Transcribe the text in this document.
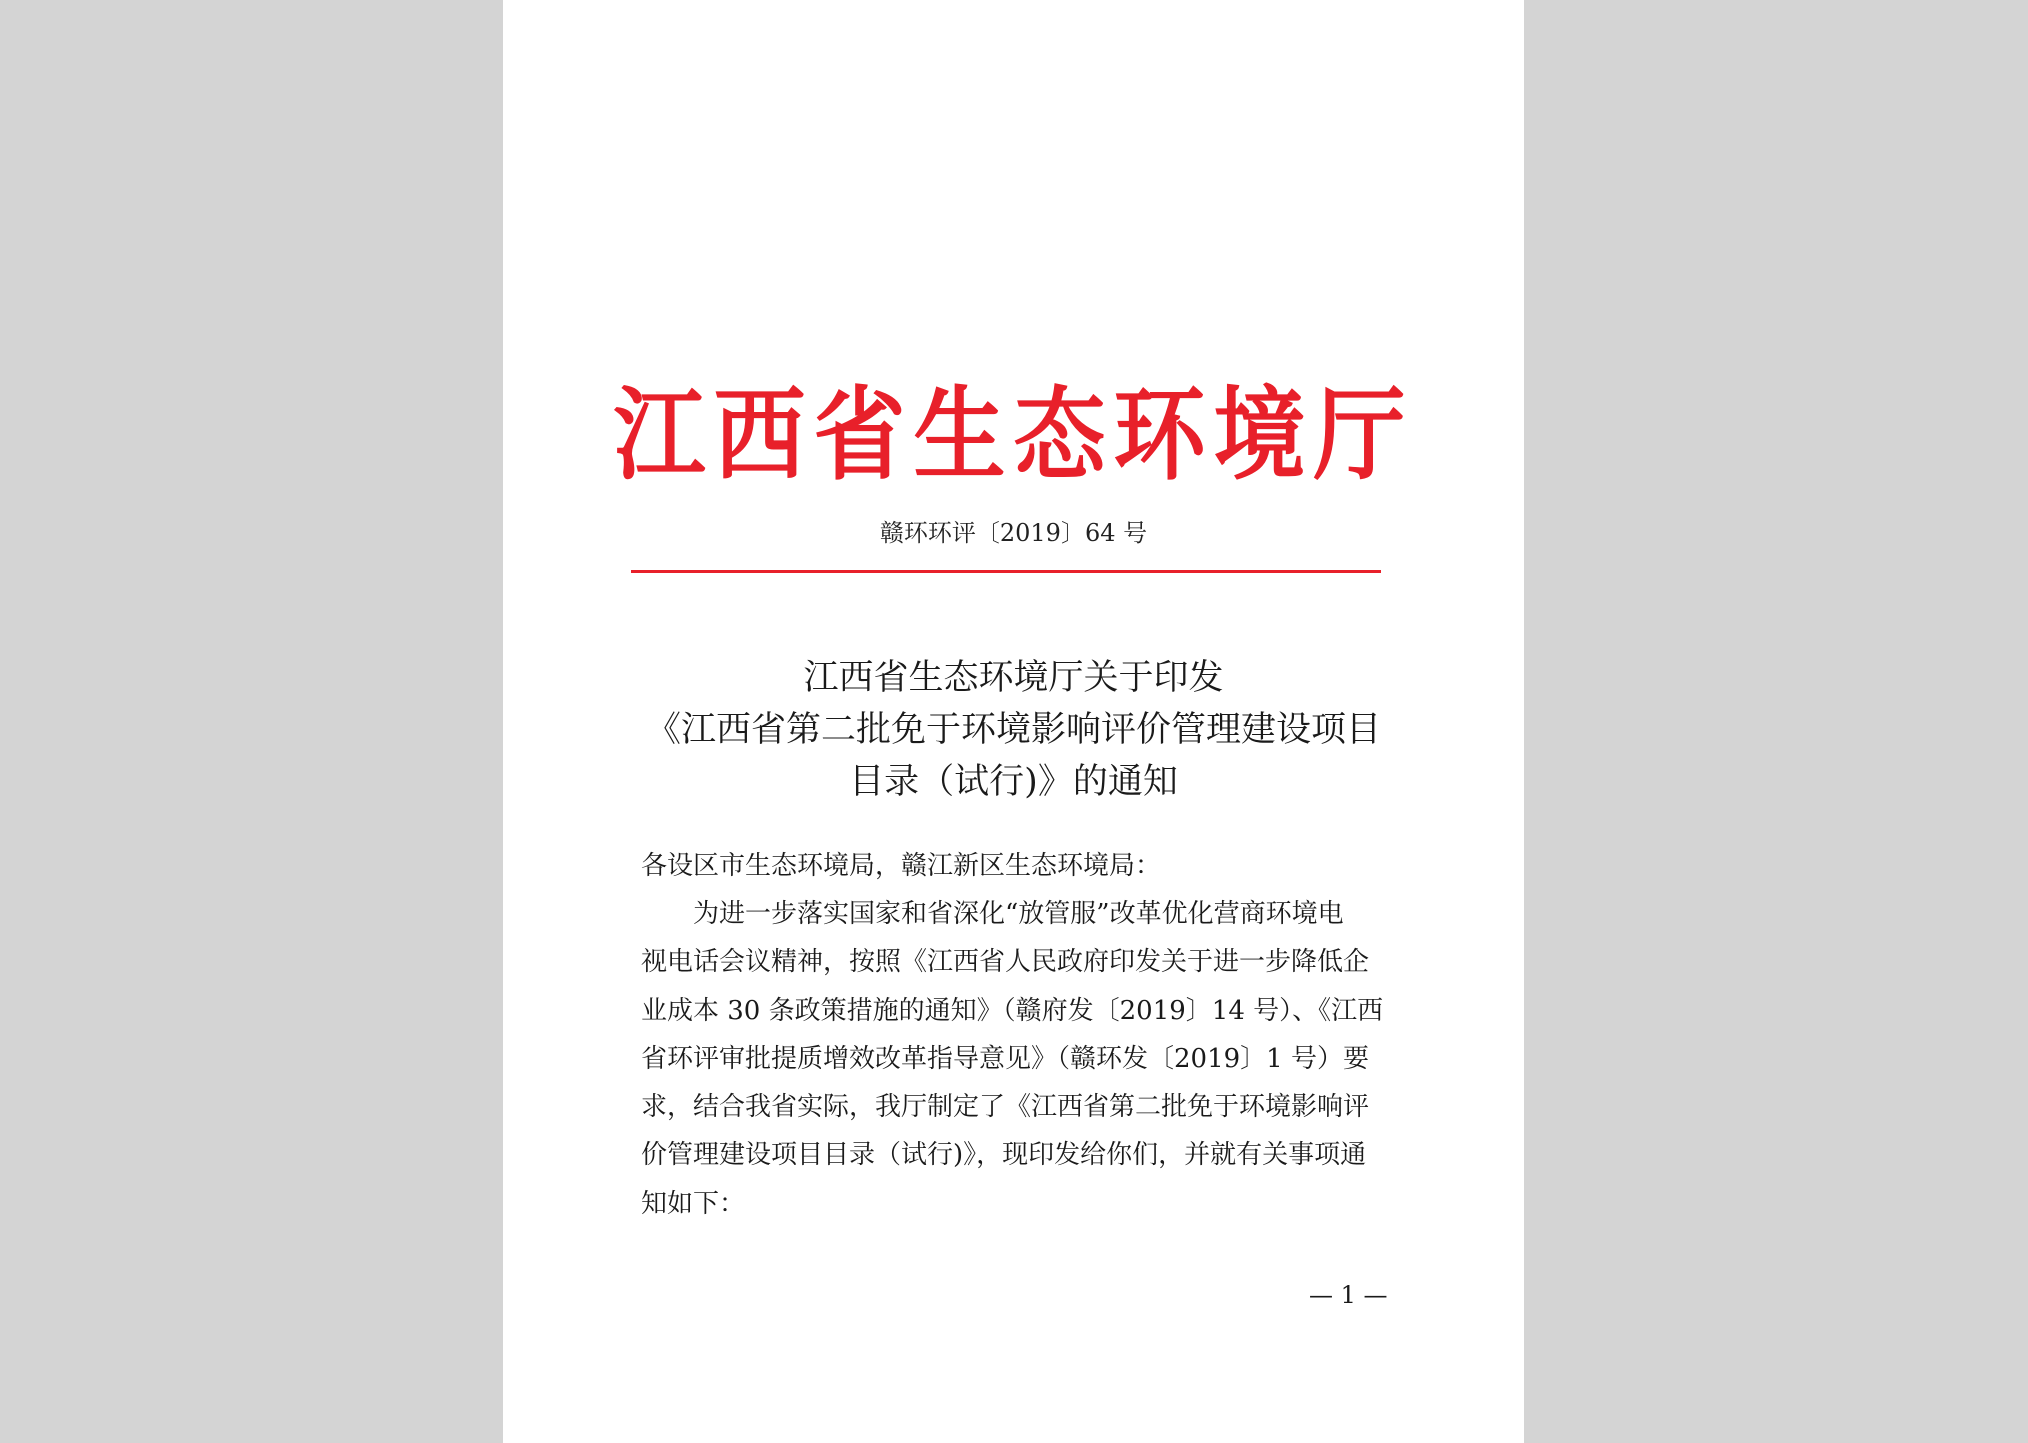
江西省生态环境厅
赣环环评〔2019〕64 号
江西省生态环境厅关于印发
《江西省第二批免于环境影响评价管理建设项目
目录（试行)》的通知
各设区市生态环境局，赣江新区生态环境局：
　　为进一步落实国家和省深化“放管服”改革优化营商环境电
视电话会议精神，按照《江西省人民政府印发关于进一步降低企
业成本 30 条政策措施的通知》（赣府发〔2019〕14 号）、《江西
省环评审批提质增效改革指导意见》（赣环发〔2019〕1 号）要
求，结合我省实际，我厅制定了《江西省第二批免于环境影响评
价管理建设项目目录（试行)》，现印发给你们，并就有关事项通
知如下：
— 1 —
